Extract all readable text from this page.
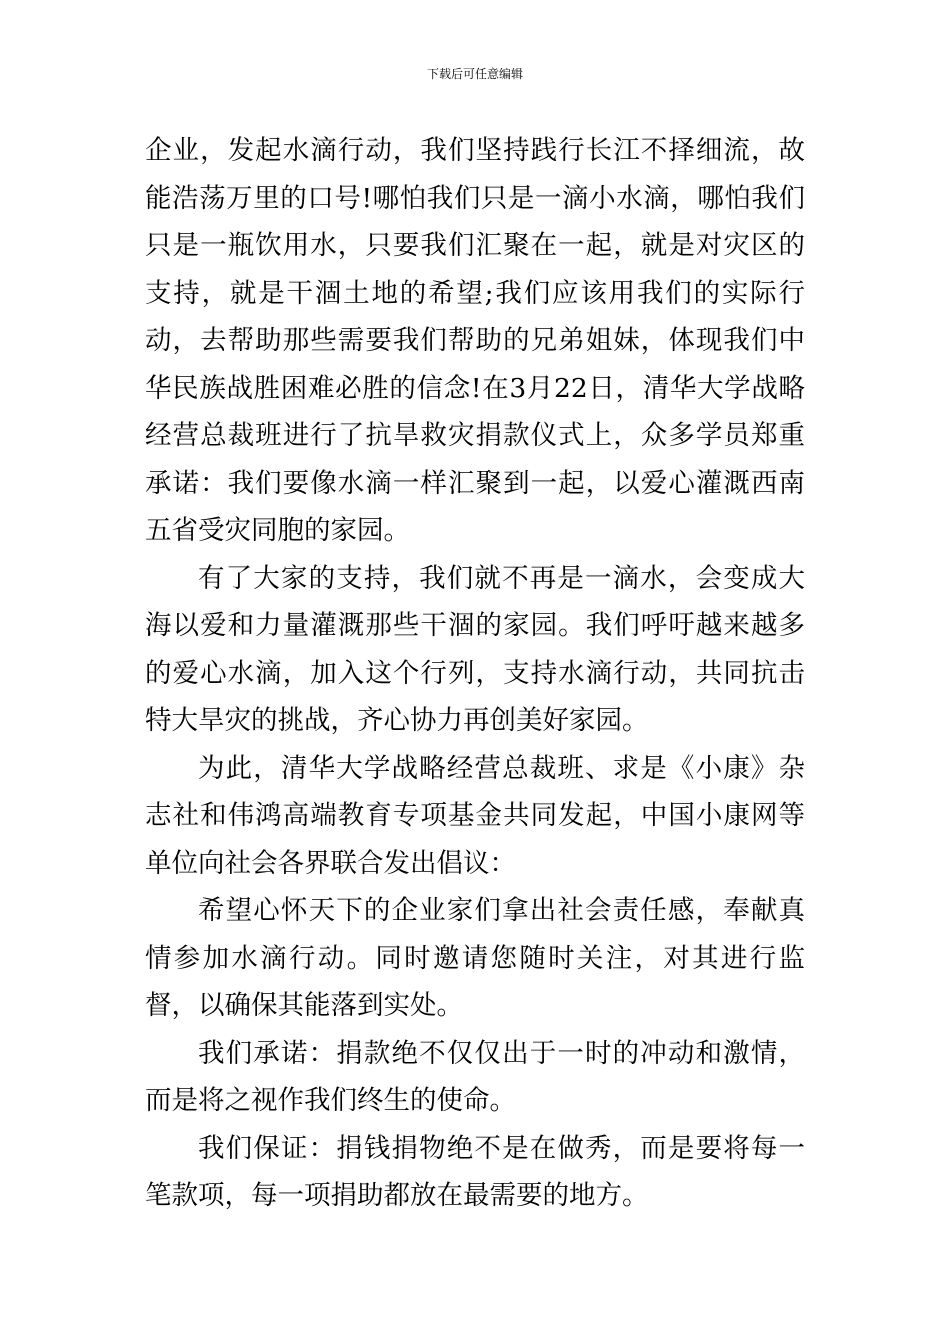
下载后可任意编辑

企业，发起水滴行动，我们坚持践行长江不择细流，故能浩荡万里的口号!哪怕我们只是一滴小水滴，哪怕我们只是一瓶饮用水，只要我们汇聚在一起，就是对灾区的支持，就是干涸土地的希望;我们应该用我们的实际行动，去帮助那些需要我们帮助的兄弟姐妹，体现我们中华民族战胜困难必胜的信念!在3月22日，清华大学战略经营总裁班进行了抗旱救灾捐款仪式上，众多学员郑重承诺：我们要像水滴一样汇聚到一起，以爱心灌溉西南五省受灾同胞的家园。

有了大家的支持，我们就不再是一滴水，会变成大海以爱和力量灌溉那些干涸的家园。我们呼吁越来越多的爱心水滴，加入这个行列，支持水滴行动，共同抗击特大旱灾的挑战，齐心协力再创美好家园。

为此，清华大学战略经营总裁班、求是《小康》杂志社和伟鸿高端教育专项基金共同发起，中国小康网等单位向社会各界联合发出倡议：

希望心怀天下的企业家们拿出社会责任感，奉献真情参加水滴行动。同时邀请您随时关注，对其进行监督，以确保其能落到实处。

我们承诺：捐款绝不仅仅出于一时的冲动和激情，而是将之视作我们终生的使命。

我们保证：捐钱捐物绝不是在做秀，而是要将每一笔款项，每一项捐助都放在最需要的地方。
